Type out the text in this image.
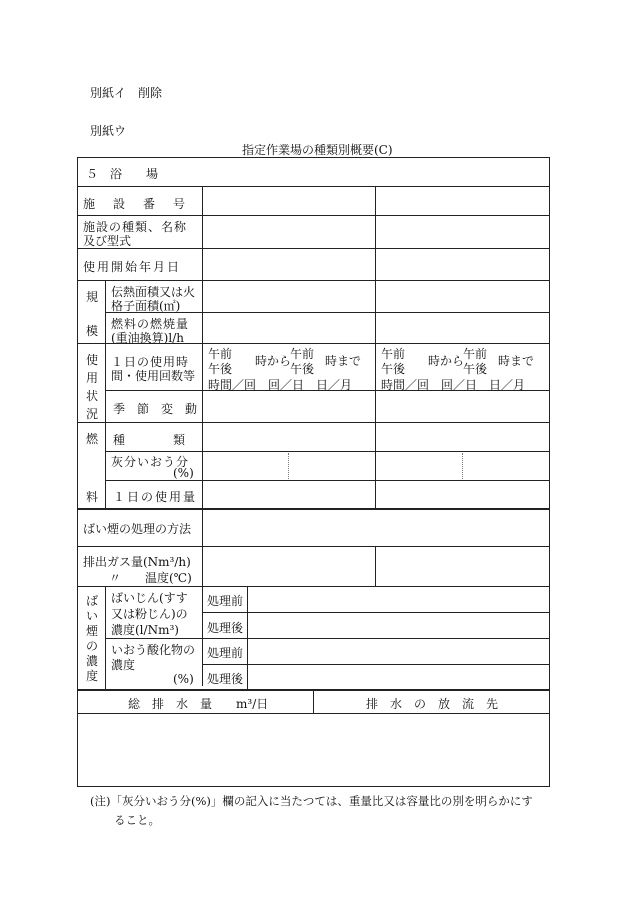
別紙イ　削除
別紙ウ
指定作業場の種類別概要(C)
５　浴　　場
施　設　番　号
施設の種類、名称
及び型式
使用開始年月日
規
模
伝熱面積又は火
格子面積(㎡)
燃料の燃焼量
(重油換算)l/h
使
用
状
況
１日の使用時
間・使用回数等
午前
午後
時から
午前
午後
時まで
時間／回　回／日　日／月
午前
午後
時から
午前
午後
時まで
時間／回　回／日　日／月
季　節　変　動
燃
料
種　　　　類
灰分いおう分
(%)
１日の使用量
ばい煙の処理の方法
排出ガス量(Nm³/h)
〃　　温度(℃)
ば
い
煙
の
濃
度
ばいじん(すす
又は粉じん)の
濃度(l/Nm³)
いおう酸化物の
濃度
(%)
処理前
処理後
処理前
処理後
総　排　水　量　　m³/日	排　水　の　放　流　先
(注)「灰分いおう分(%)」欄の記入に当たつては、重量比又は容量比の別を明らかにす
ること。
